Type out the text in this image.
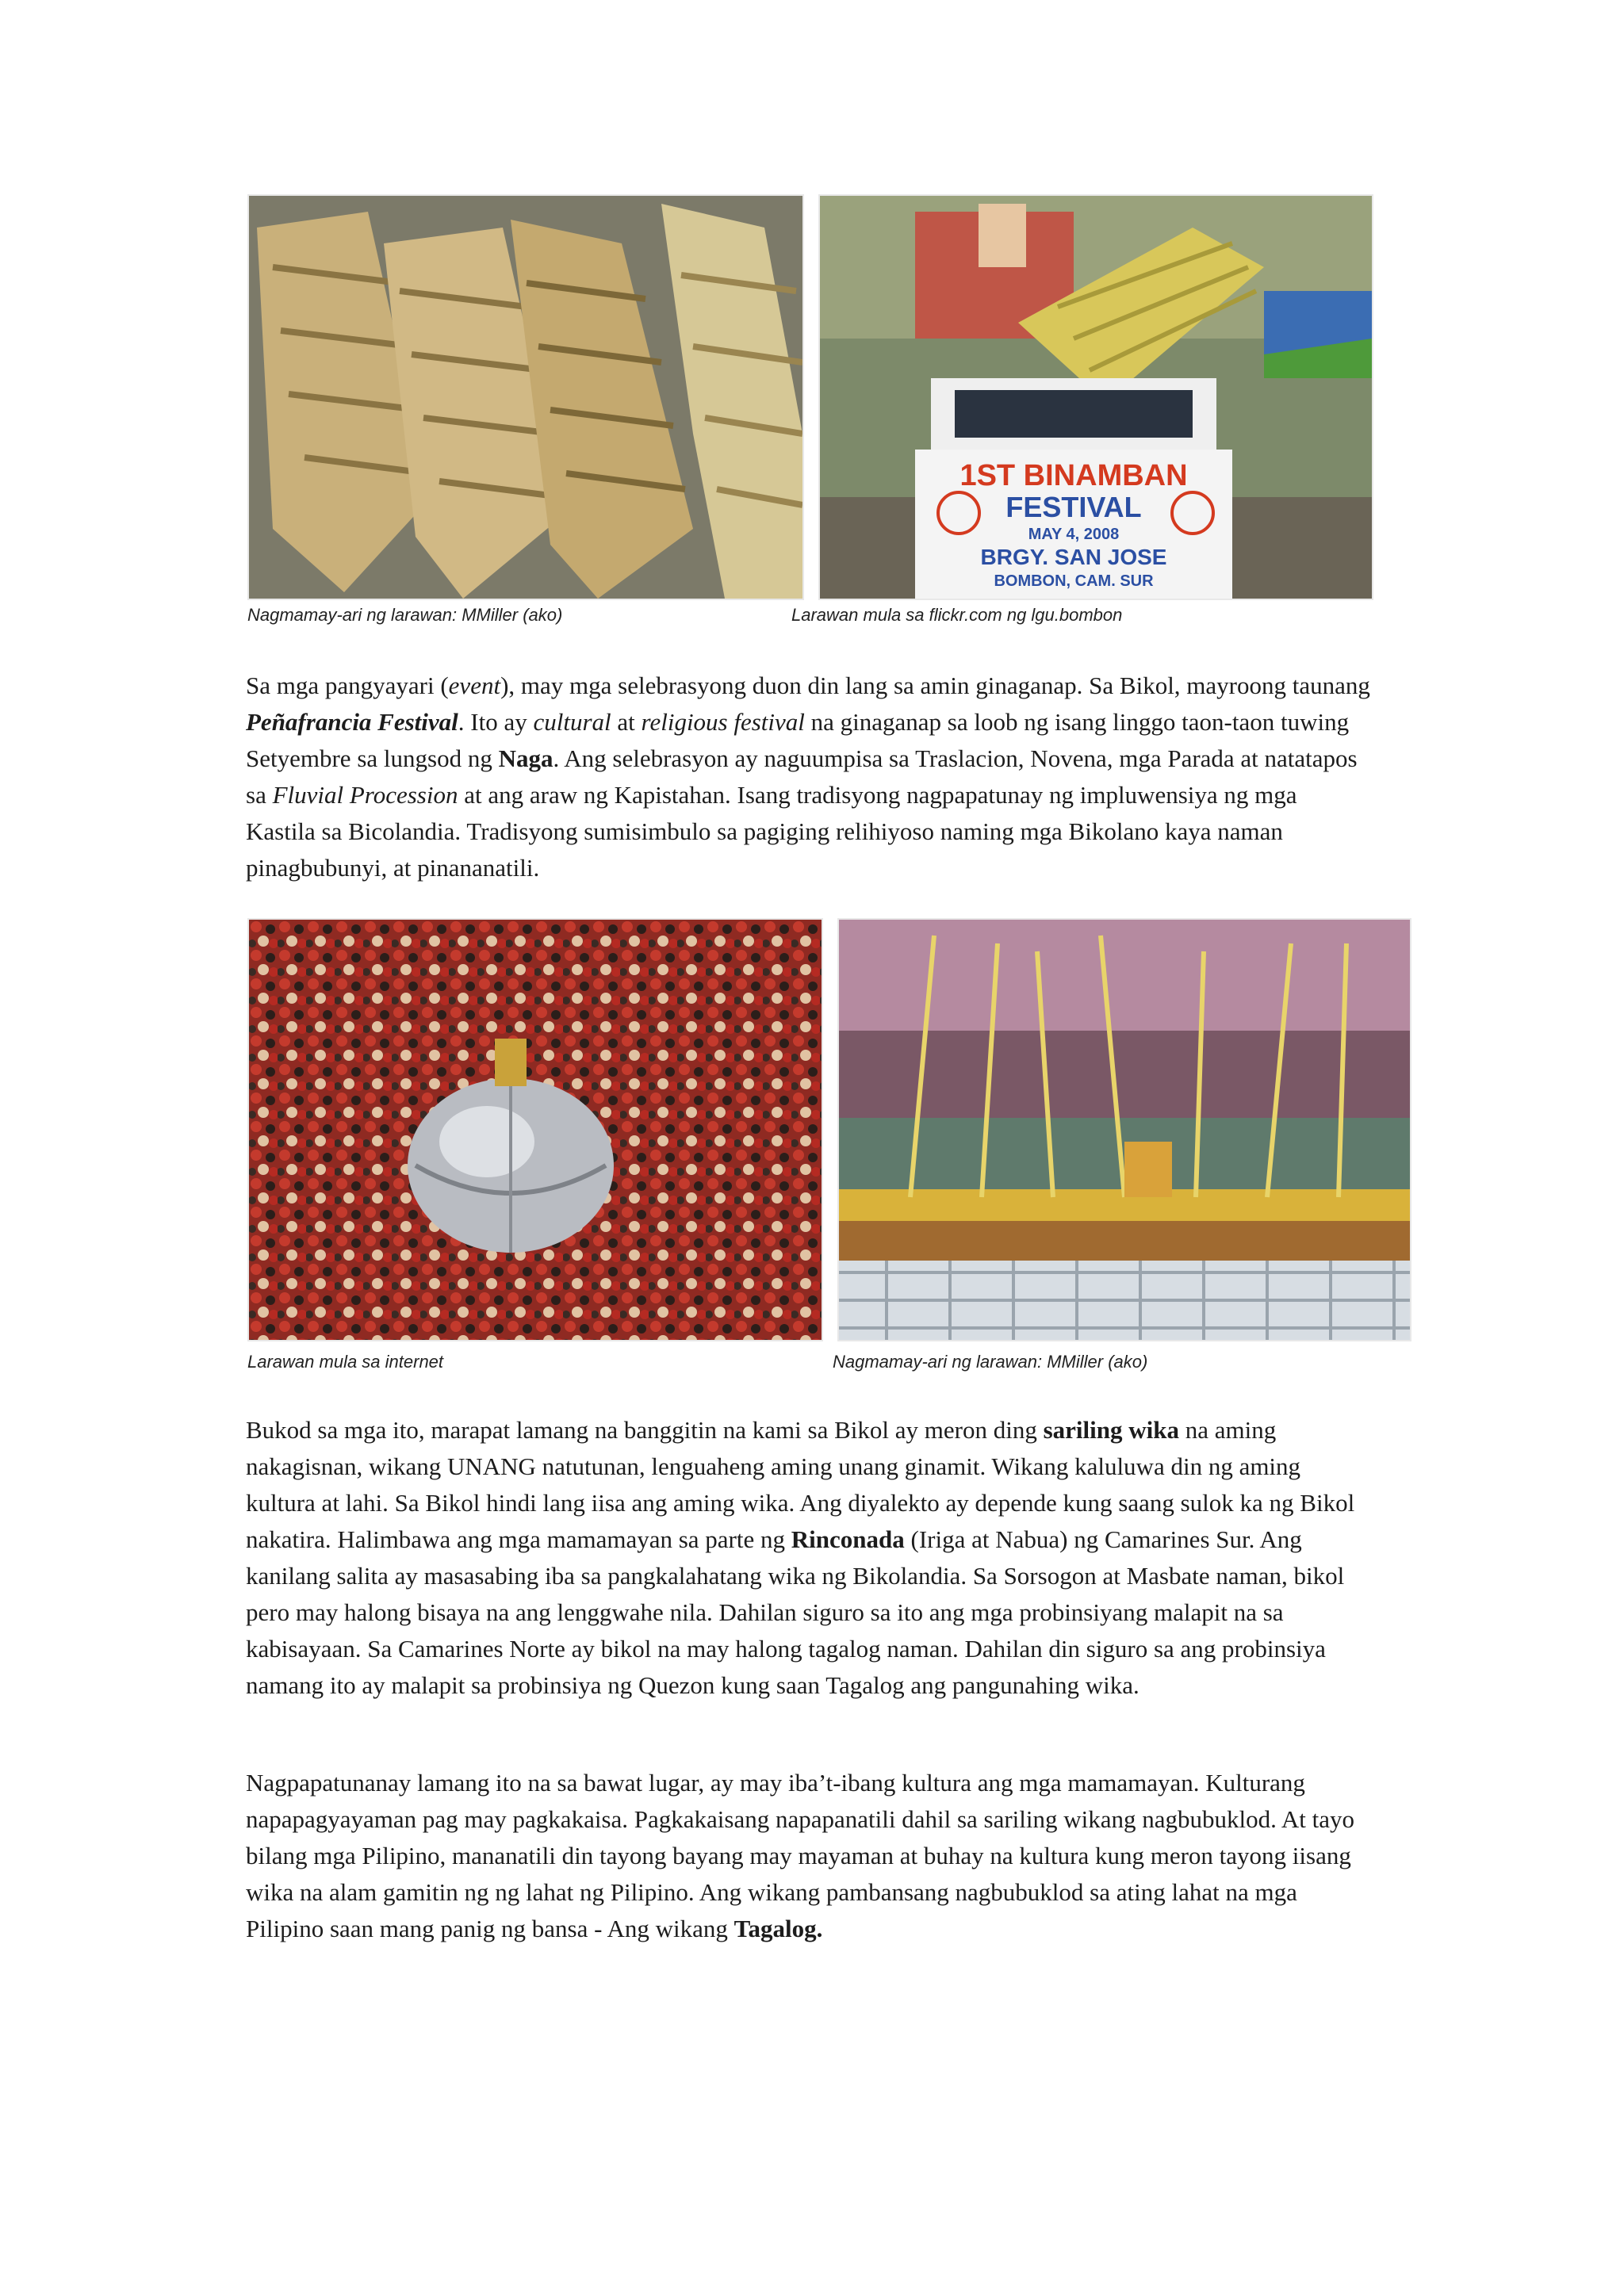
Nagmamay-ari ng larawan: MMiller (ako)
1ST BINAMBAN
FESTIVAL
MAY 4, 2008
BRGY. SAN JOSE
BOMBON, CAM. SUR
Larawan mula sa flickr.com ng lgu.bombon

Sa mga pangyayari (event), may mga selebrasyong duon din lang sa amin ginaganap. Sa Bikol, mayroong taunang Peñafrancia Festival. Ito ay cultural at religious festival na ginaganap sa loob ng isang linggo taon-taon tuwing Setyembre sa lungsod ng Naga. Ang selebrasyon ay naguumpisa sa Traslacion, Novena, mga Parada at natatapos sa Fluvial Procession at ang araw ng Kapistahan. Isang tradisyong nagpapatunay ng impluwensiya ng mga Kastila sa Bicolandia. Tradisyong sumisimbulo sa pagiging relihiyoso naming mga Bikolano kaya naman pinagbubunyi, at pinananatili.

Larawan mula sa internet	Nagmamay-ari ng larawan: MMiller (ako)

Bukod sa mga ito, marapat lamang na banggitin na kami sa Bikol ay meron ding sariling wika na aming nakagisnan, wikang UNANG natutunan, lenguaheng aming unang ginamit. Wikang kaluluwa din ng aming kultura at lahi. Sa Bikol hindi lang iisa ang aming wika. Ang diyalekto ay depende kung saang sulok ka ng Bikol nakatira. Halimbawa ang mga mamamayan sa parte ng Rinconada (Iriga at Nabua) ng Camarines Sur. Ang kanilang salita ay masasabing iba sa pangkalahatang wika ng Bikolandia. Sa Sorsogon at Masbate naman, bikol pero may halong bisaya na ang lenggwahe nila. Dahilan siguro sa ito ang mga probinsiyang malapit na sa kabisayaan. Sa Camarines Norte ay bikol na may halong tagalog naman. Dahilan din siguro sa ang probinsiya namang ito ay malapit sa probinsiya ng Quezon kung saan Tagalog ang pangunahing wika.

Nagpapatunanay lamang ito na sa bawat lugar, ay may iba’t-ibang kultura ang mga mamamayan. Kulturang napapagyayaman pag may pagkakaisa. Pagkakaisang napapanatili dahil sa sariling wikang nagbubuklod. At tayo bilang mga Pilipino, mananatili din tayong bayang may mayaman at buhay na kultura kung meron tayong iisang wika na alam gamitin ng ng lahat ng Pilipino. Ang wikang pambansang nagbubuklod sa ating lahat na mga Pilipino saan mang panig ng bansa - Ang wikang Tagalog.
